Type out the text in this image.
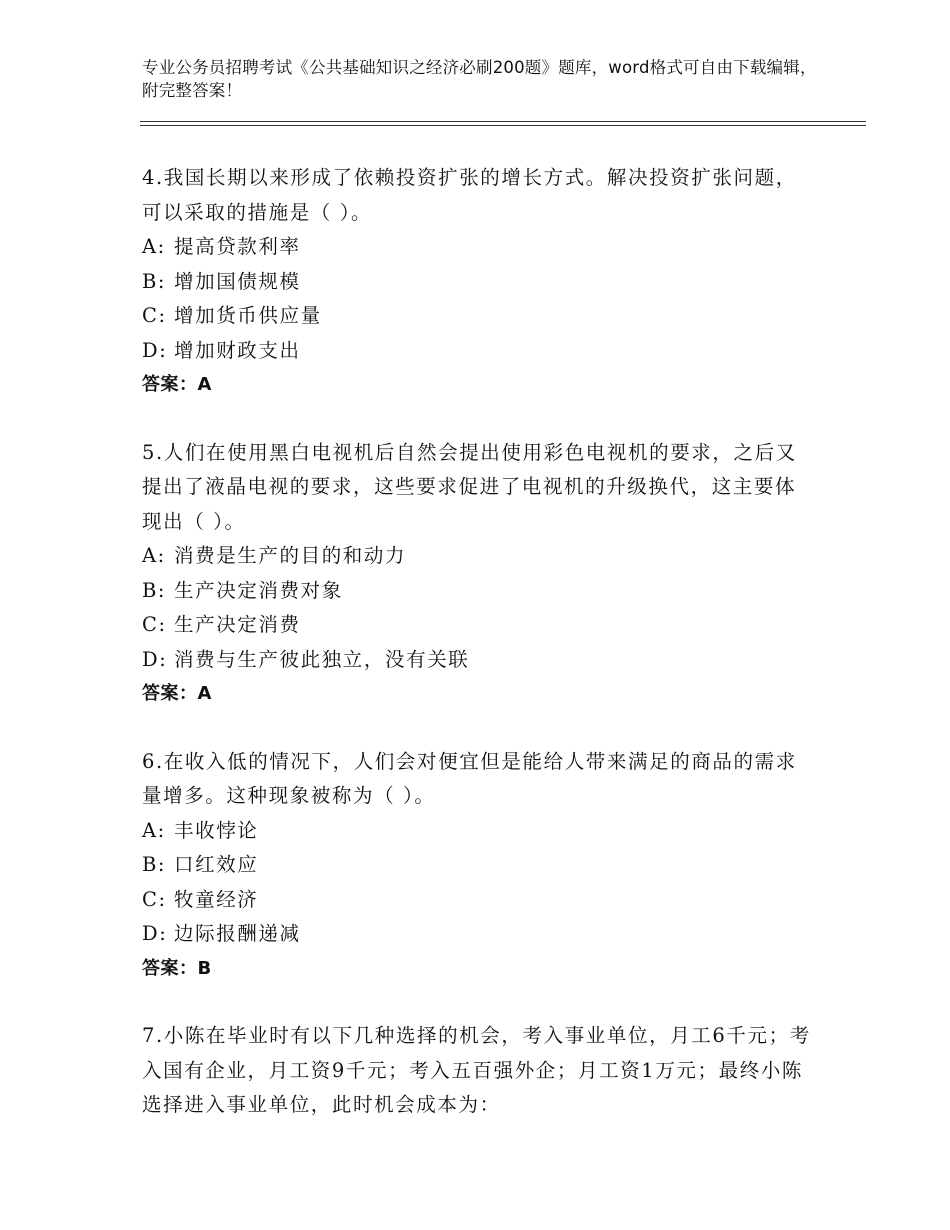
专业公务员招聘考试《公共基础知识之经济必刷200题》题库，word格式可自由下载编辑，附完整答案！

4.我国长期以来形成了依赖投资扩张的增长方式。解决投资扩张问题，可以采取的措施是（ ）。

A: 提高贷款利率

B: 增加国债规模

C: 增加货币供应量

D: 增加财政支出

答案：A

5.人们在使用黑白电视机后自然会提出使用彩色电视机的要求，之后又提出了液晶电视的要求，这些要求促进了电视机的升级换代，这主要体现出（ ）。

A: 消费是生产的目的和动力

B: 生产决定消费对象

C: 生产决定消费

D: 消费与生产彼此独立，没有关联

答案：A

6.在收入低的情况下，人们会对便宜但是能给人带来满足的商品的需求量增多。这种现象被称为（ ）。

A: 丰收悖论

B: 口红效应

C: 牧童经济

D: 边际报酬递减

答案：B

7.小陈在毕业时有以下几种选择的机会，考入事业单位，月工6千元；考入国有企业，月工资9千元；考入五百强外企；月工资1万元；最终小陈选择进入事业单位，此时机会成本为：
